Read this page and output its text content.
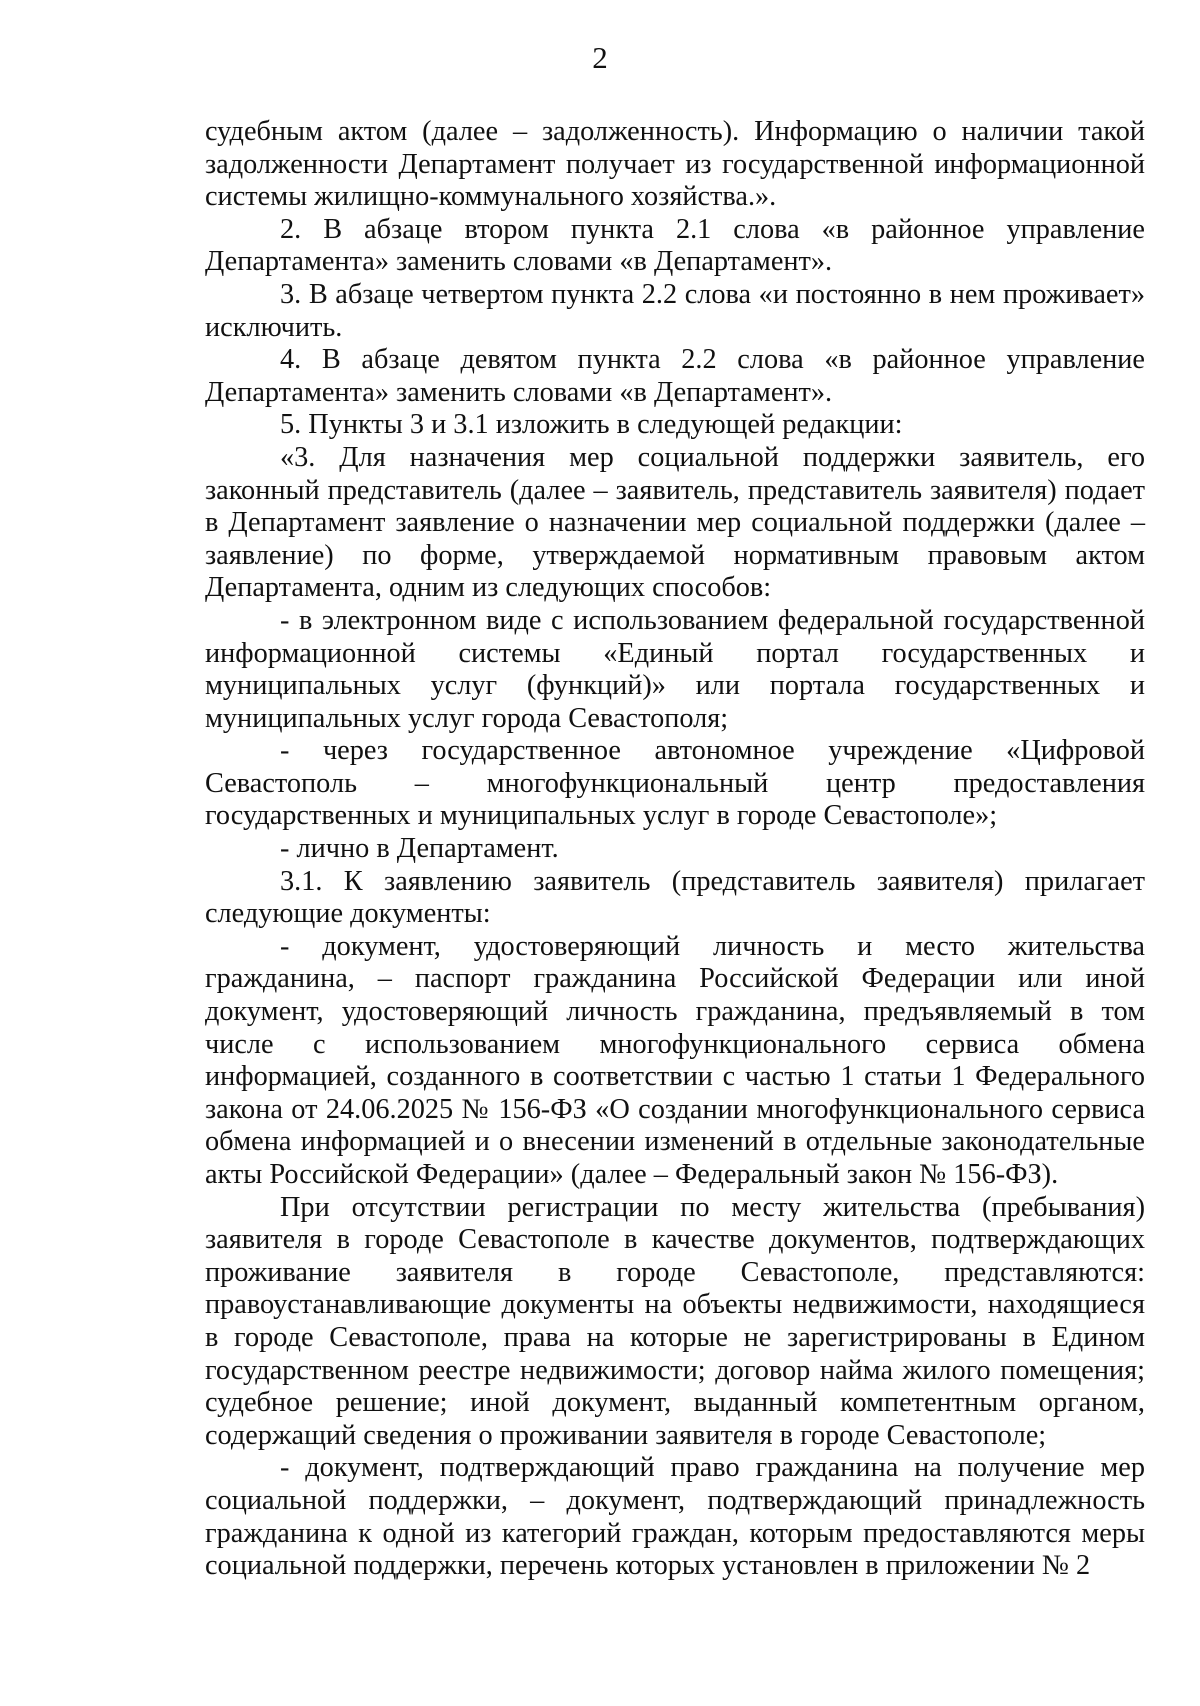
2

судебным актом (далее – задолженность). Информацию о наличии такой задолженности Департамент получает из государственной информационной системы жилищно-коммунального хозяйства.».

2. В абзаце втором пункта 2.1 слова «в районное управление Департамента» заменить словами «в Департамент».

3. В абзаце четвертом пункта 2.2 слова «и постоянно в нем проживает» исключить.

4. В абзаце девятом пункта 2.2 слова «в районное управление Департамента» заменить словами «в Департамент».

5. Пункты 3 и 3.1 изложить в следующей редакции:

«3. Для назначения мер социальной поддержки заявитель, его законный представитель (далее – заявитель, представитель заявителя) подает в Департамент заявление о назначении мер социальной поддержки (далее – заявление) по форме, утверждаемой нормативным правовым актом Департамента, одним из следующих способов:

- в электронном виде с использованием федеральной государственной информационной системы «Единый портал государственных и муниципальных услуг (функций)» или портала государственных и муниципальных услуг города Севастополя;

- через государственное автономное учреждение «Цифровой Севастополь – многофункциональный центр предоставления государственных и муниципальных услуг в городе Севастополе»;

- лично в Департамент.

3.1. К заявлению заявитель (представитель заявителя) прилагает следующие документы:

- документ, удостоверяющий личность и место жительства гражданина, – паспорт гражданина Российской Федерации или иной документ, удостоверяющий личность гражданина, предъявляемый в том числе с использованием многофункционального сервиса обмена информацией, созданного в соответствии с частью 1 статьи 1 Федерального закона от 24.06.2025 № 156-ФЗ «О создании многофункционального сервиса обмена информацией и о внесении изменений в отдельные законодательные акты Российской Федерации» (далее – Федеральный закон № 156-ФЗ).

При отсутствии регистрации по месту жительства (пребывания) заявителя в городе Севастополе в качестве документов, подтверждающих проживание заявителя в городе Севастополе, представляются: правоустанавливающие документы на объекты недвижимости, находящиеся в городе Севастополе, права на которые не зарегистрированы в Едином государственном реестре недвижимости; договор найма жилого помещения; судебное решение; иной документ, выданный компетентным органом, содержащий сведения о проживании заявителя в городе Севастополе;

- документ, подтверждающий право гражданина на получение мер социальной поддержки, – документ, подтверждающий принадлежность гражданина к одной из категорий граждан, которым предоставляются меры социальной поддержки, перечень которых установлен в приложении № 2
